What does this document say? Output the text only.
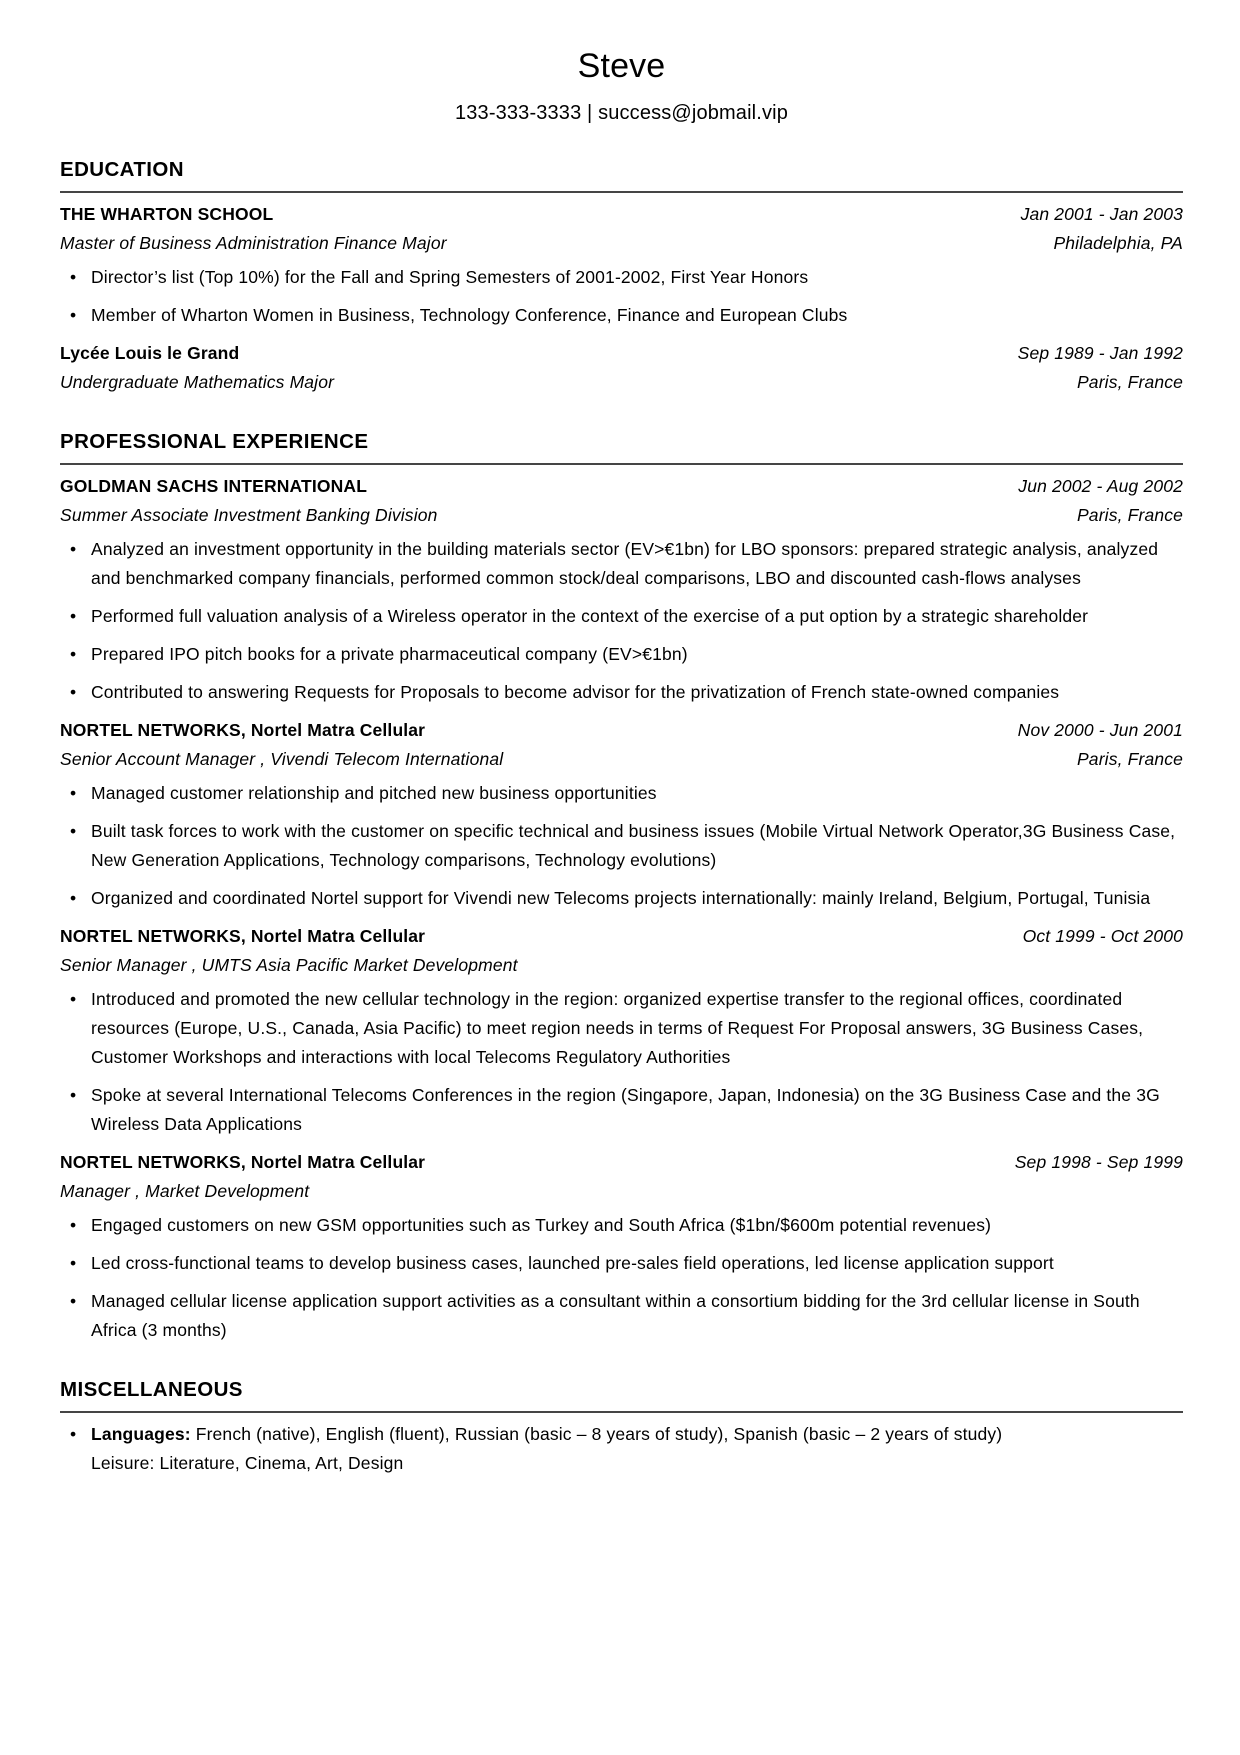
Steve
133-333-3333 | success@jobmail.vip
EDUCATION
THE WHARTON SCHOOL	Jan 2001 - Jan 2003
Master of Business Administration Finance Major	Philadelphia, PA
• Director’s list (Top 10%) for the Fall and Spring Semesters of 2001-2002, First Year Honors
• Member of Wharton Women in Business, Technology Conference, Finance and European Clubs
Lycée Louis le Grand	Sep 1989 - Jan 1992
Undergraduate Mathematics Major	Paris, France
PROFESSIONAL EXPERIENCE
GOLDMAN SACHS INTERNATIONAL	Jun 2002 - Aug 2002
Summer Associate Investment Banking Division	Paris, France
• Analyzed an investment opportunity in the building materials sector (EV>€1bn) for LBO sponsors: prepared strategic analysis, analyzed and benchmarked company financials, performed common stock/deal comparisons, LBO and discounted cash-flows analyses
• Performed full valuation analysis of a Wireless operator in the context of the exercise of a put option by a strategic shareholder
• Prepared IPO pitch books for a private pharmaceutical company (EV>€1bn)
• Contributed to answering Requests for Proposals to become advisor for the privatization of French state-owned companies
NORTEL NETWORKS, Nortel Matra Cellular	Nov 2000 - Jun 2001
Senior Account Manager , Vivendi Telecom International	Paris, France
• Managed customer relationship and pitched new business opportunities
• Built task forces to work with the customer on specific technical and business issues (Mobile Virtual Network Operator,3G Business Case, New Generation Applications, Technology comparisons, Technology evolutions)
• Organized and coordinated Nortel support for Vivendi new Telecoms projects internationally: mainly Ireland, Belgium, Portugal, Tunisia
NORTEL NETWORKS, Nortel Matra Cellular	Oct 1999 - Oct 2000
Senior Manager , UMTS Asia Pacific Market Development
• Introduced and promoted the new cellular technology in the region: organized expertise transfer to the regional offices, coordinated resources (Europe, U.S., Canada, Asia Pacific) to meet region needs in terms of Request For Proposal answers, 3G Business Cases, Customer Workshops and interactions with local Telecoms Regulatory Authorities
• Spoke at several International Telecoms Conferences in the region (Singapore, Japan, Indonesia) on the 3G Business Case and the 3G Wireless Data Applications
NORTEL NETWORKS, Nortel Matra Cellular	Sep 1998 - Sep 1999
Manager , Market Development
• Engaged customers on new GSM opportunities such as Turkey and South Africa ($1bn/$600m potential revenues)
• Led cross-functional teams to develop business cases, launched pre-sales field operations, led license application support
• Managed cellular license application support activities as a consultant within a consortium bidding for the 3rd cellular license in South Africa (3 months)
MISCELLANEOUS
• Languages: French (native), English (fluent), Russian (basic – 8 years of study), Spanish (basic – 2 years of study)
Leisure: Literature, Cinema, Art, Design
